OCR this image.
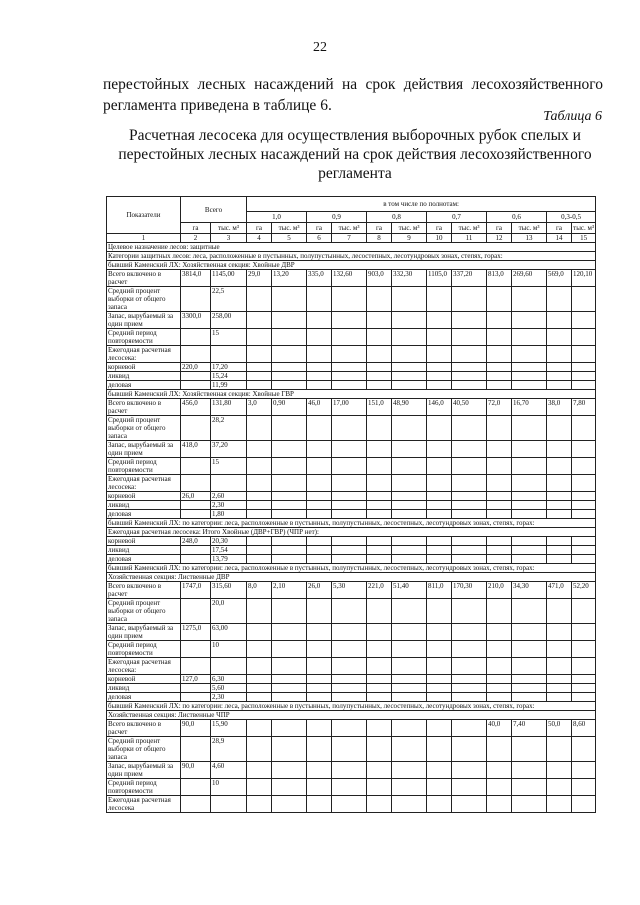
22
перестойных лесных насаждений на срок действия лесохозяйственного регламента приведена в таблице 6.
Таблица 6
Расчетная лесосека для осуществления выборочных рубок спелых и перестойных лесных насаждений на срок действия лесохозяйственного регламента
Показатели	Всего		в том числе по полнотам:											
			1,0		0,9		0,8		0,7		0,6		0,3-0,5	
	га	тыс. м³	га	тыс. м³	га	тыс. м³	га	тыс. м³	га	тыс. м³	га	тыс. м³	га	тыс. м³
1	2	3	4	5	6	7	8	9	10	11	12	13	14	15
Целевое назначение лесов: защитные														
Категории защитных лесов: леса, расположенные в пустынных, полупустынных, лесостепных, лесотундровых зонах, степях, горах:														
бывший Каменский ЛХ: Хозяйственная секция: Хвойные ДВР														
Всего включено в расчет	3814,0	1145,00	29,0	13,20	335,0	132,60	903,0	332,30	1105,0	337,20	813,0	269,60	569,0	120,10
Средний процент выборки от общего запаса		22,5												
Запас, вырубаемый за один прием	3300,0	258,00												
Средний период повторяемости		15												
Ежегодная расчетная лесосека:														
корневой	220,0	17,20												
ликвид		15,24												
деловая		11,99												
бывший Каменский ЛХ: Хозяйственная секция: Хвойные ГВР														
Всего включено в расчет	456,0	131,80	3,0	0,90	46,0	17,00	151,0	48,90	146,0	40,50	72,0	16,70	38,0	7,80
Средний процент выборки от общего запаса		28,2												
Запас, вырубаемый за один прием	418,0	37,20												
Средний период повторяемости		15												
Ежегодная расчетная лесосека:														
корневой	26,0	2,60												
ликвид		2,30												
деловая		1,80												
бывший Каменский ЛХ: по категории: леса, расположенные в пустынных, полупустынных, лесостепных, лесотундровых зонах, степях, горах:														
Ежегодная расчетная лесосека: Итого Хвойные (ДВР+ГВР) (ЧПР нет):														
корневой	248,0	20,30												
ликвид		17,54												
деловая		13,79												
бывший Каменский ЛХ: по категории: леса, расположенные в пустынных, полупустынных, лесостепных, лесотундровых зонах, степях, горах:														
Хозяйственная секция: Лиственные ДВР														
Всего включено в расчет	1747,0	315,60	8,0	2,10	26,0	5,30	221,0	51,40	811,0	170,30	210,0	34,30	471,0	52,20
Средний процент выборки от общего запаса		20,0												
Запас, вырубаемый за один прием	1275,0	63,00												
Средний период повторяемости		10												
Ежегодная расчетная лесосека:														
корневой	127,0	6,30												
ликвид		5,60												
деловая		2,30												
бывший Каменский ЛХ: по категории: леса, расположенные в пустынных, полупустынных, лесостепных, лесотундровых зонах, степях, горах:														
Хозяйственная секция: Лиственные ЧПР														
Всего включено в расчет	90,0	15,90									40,0	7,40	50,0	8,60
Средний процент выборки от общего запаса		28,9												
Запас, вырубаемый за один прием	90,0	4,60												
Средний период повторяемости		10												
Ежегодная расчетная лесосека														
